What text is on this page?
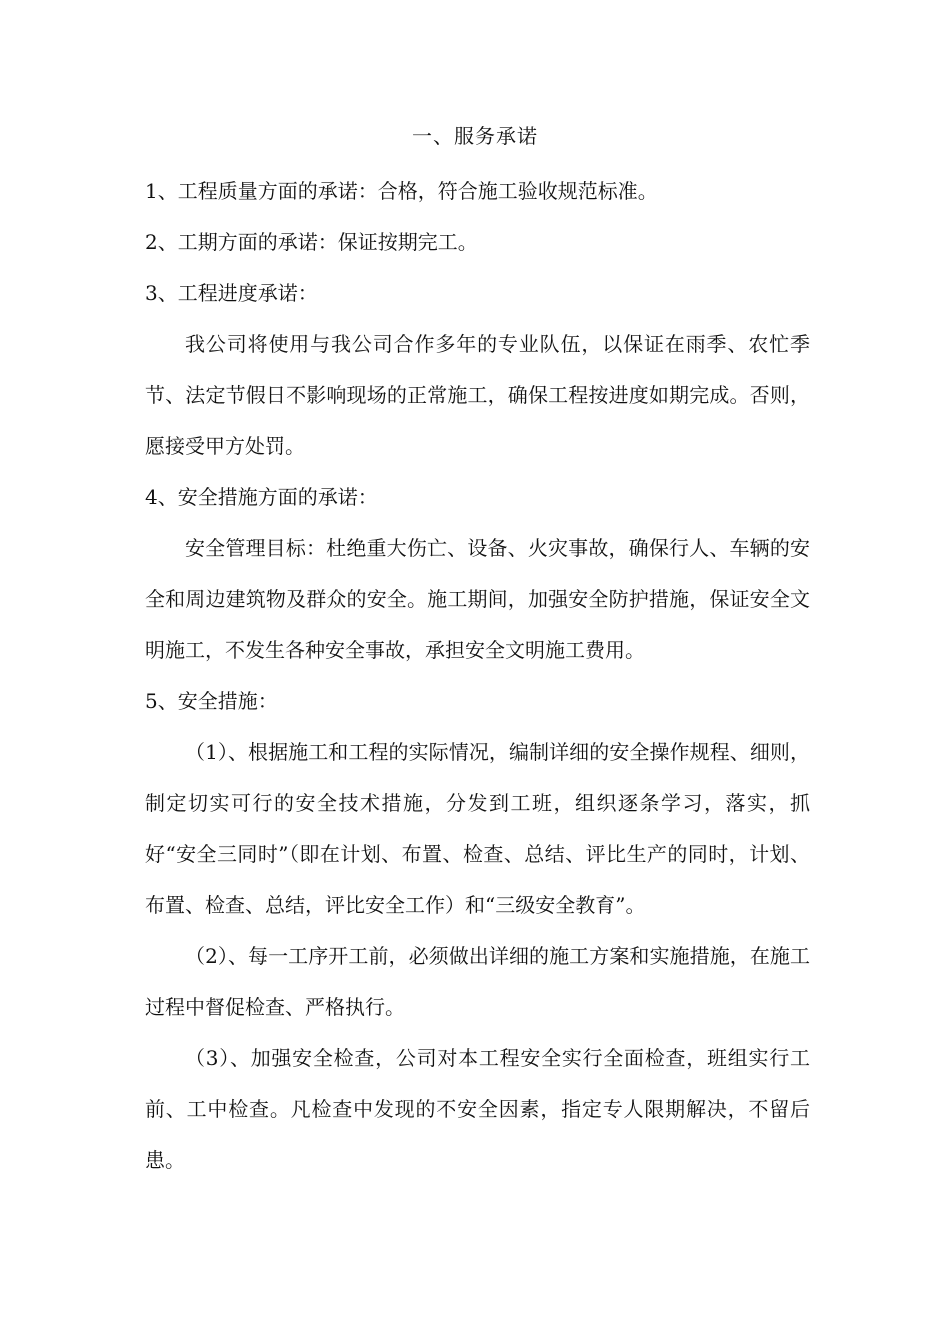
一、服务承诺

1、工程质量方面的承诺：合格，符合施工验收规范标准。

2、工期方面的承诺：保证按期完工。

3、工程进度承诺：

我公司将使用与我公司合作多年的专业队伍，以保证在雨季、农忙季节、法定节假日不影响现场的正常施工，确保工程按进度如期完成。否则，愿接受甲方处罚。

4、安全措施方面的承诺：

安全管理目标：杜绝重大伤亡、设备、火灾事故，确保行人、车辆的安全和周边建筑物及群众的安全。施工期间，加强安全防护措施，保证安全文明施工，不发生各种安全事故，承担安全文明施工费用。

5、安全措施：

（1）、根据施工和工程的实际情况，编制详细的安全操作规程、细则，制定切实可行的安全技术措施，分发到工班，组织逐条学习，落实，抓好“安全三同时”（即在计划、布置、检查、总结、评比生产的同时，计划、布置、检查、总结，评比安全工作）和“三级安全教育”。

（2）、每一工序开工前，必须做出详细的施工方案和实施措施，在施工过程中督促检查、严格执行。

（3）、加强安全检查，公司对本工程安全实行全面检查，班组实行工前、工中检查。凡检查中发现的不安全因素，指定专人限期解决，不留后患。
